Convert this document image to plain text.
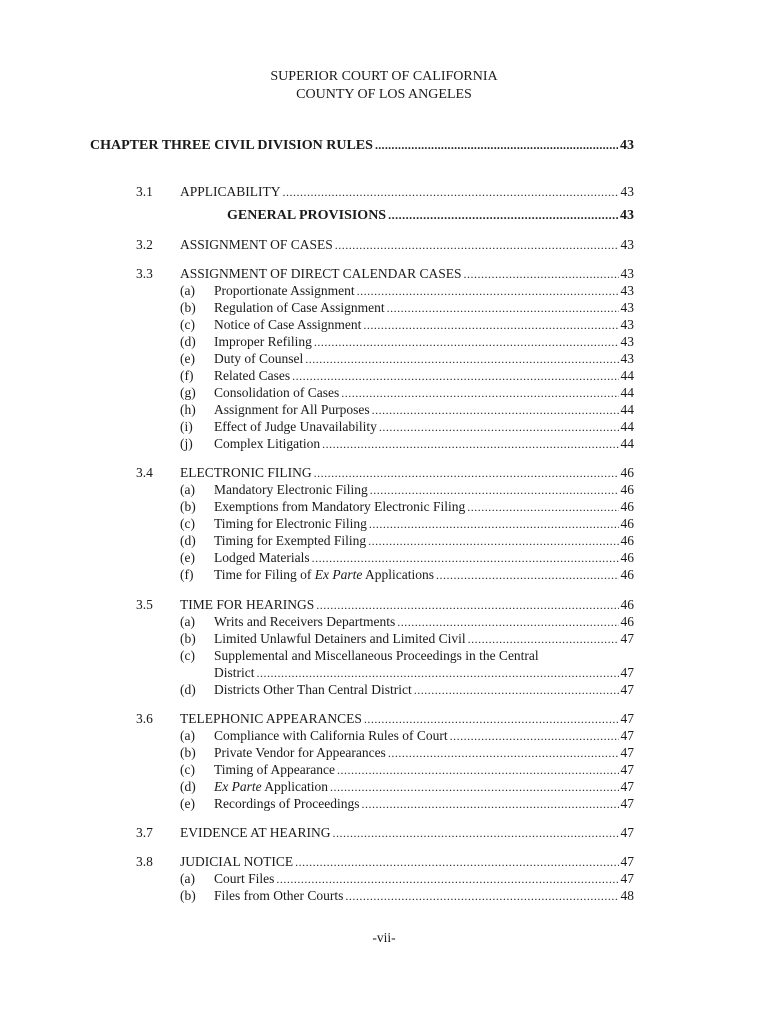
SUPERIOR COURT OF CALIFORNIA
COUNTY OF LOS ANGELES
CHAPTER THREE CIVIL DIVISION RULES .....	43
3.1 APPLICABILITY .....	43
GENERAL PROVISIONS .....	43
3.2 ASSIGNMENT OF CASES .....	43
3.3 ASSIGNMENT OF DIRECT CALENDAR CASES .....	43
(a) Proportionate Assignment .....	43
(b) Regulation of Case Assignment .....	43
(c) Notice of Case Assignment .....	43
(d) Improper Refiling .....	43
(e) Duty of Counsel .....	43
(f) Related Cases .....	44
(g) Consolidation of Cases .....	44
(h) Assignment for All Purposes .....	44
(i) Effect of Judge Unavailability .....	44
(j) Complex Litigation .....	44
3.4 ELECTRONIC FILING .....	46
(a) Mandatory Electronic Filing .....	46
(b) Exemptions from Mandatory Electronic Filing .....	46
(c) Timing for Electronic Filing .....	46
(d) Timing for Exempted Filing .....	46
(e) Lodged Materials .....	46
(f) Time for Filing of Ex Parte Applications .....	46
3.5 TIME FOR HEARINGS .....	46
(a) Writs and Receivers Departments .....	46
(b) Limited Unlawful Detainers and Limited Civil .....	47
(c) Supplemental and Miscellaneous Proceedings in the Central
District .....	47
(d) Districts Other Than Central District .....	47
3.6 TELEPHONIC APPEARANCES .....	47
(a) Compliance with California Rules of Court .....	47
(b) Private Vendor for Appearances .....	47
(c) Timing of Appearance .....	47
(d) Ex Parte Application .....	47
(e) Recordings of Proceedings .....	47
3.7 EVIDENCE AT HEARING .....	47
3.8 JUDICIAL NOTICE .....	47
(a) Court Files .....	47
(b) Files from Other Courts .....	48
-vii-
